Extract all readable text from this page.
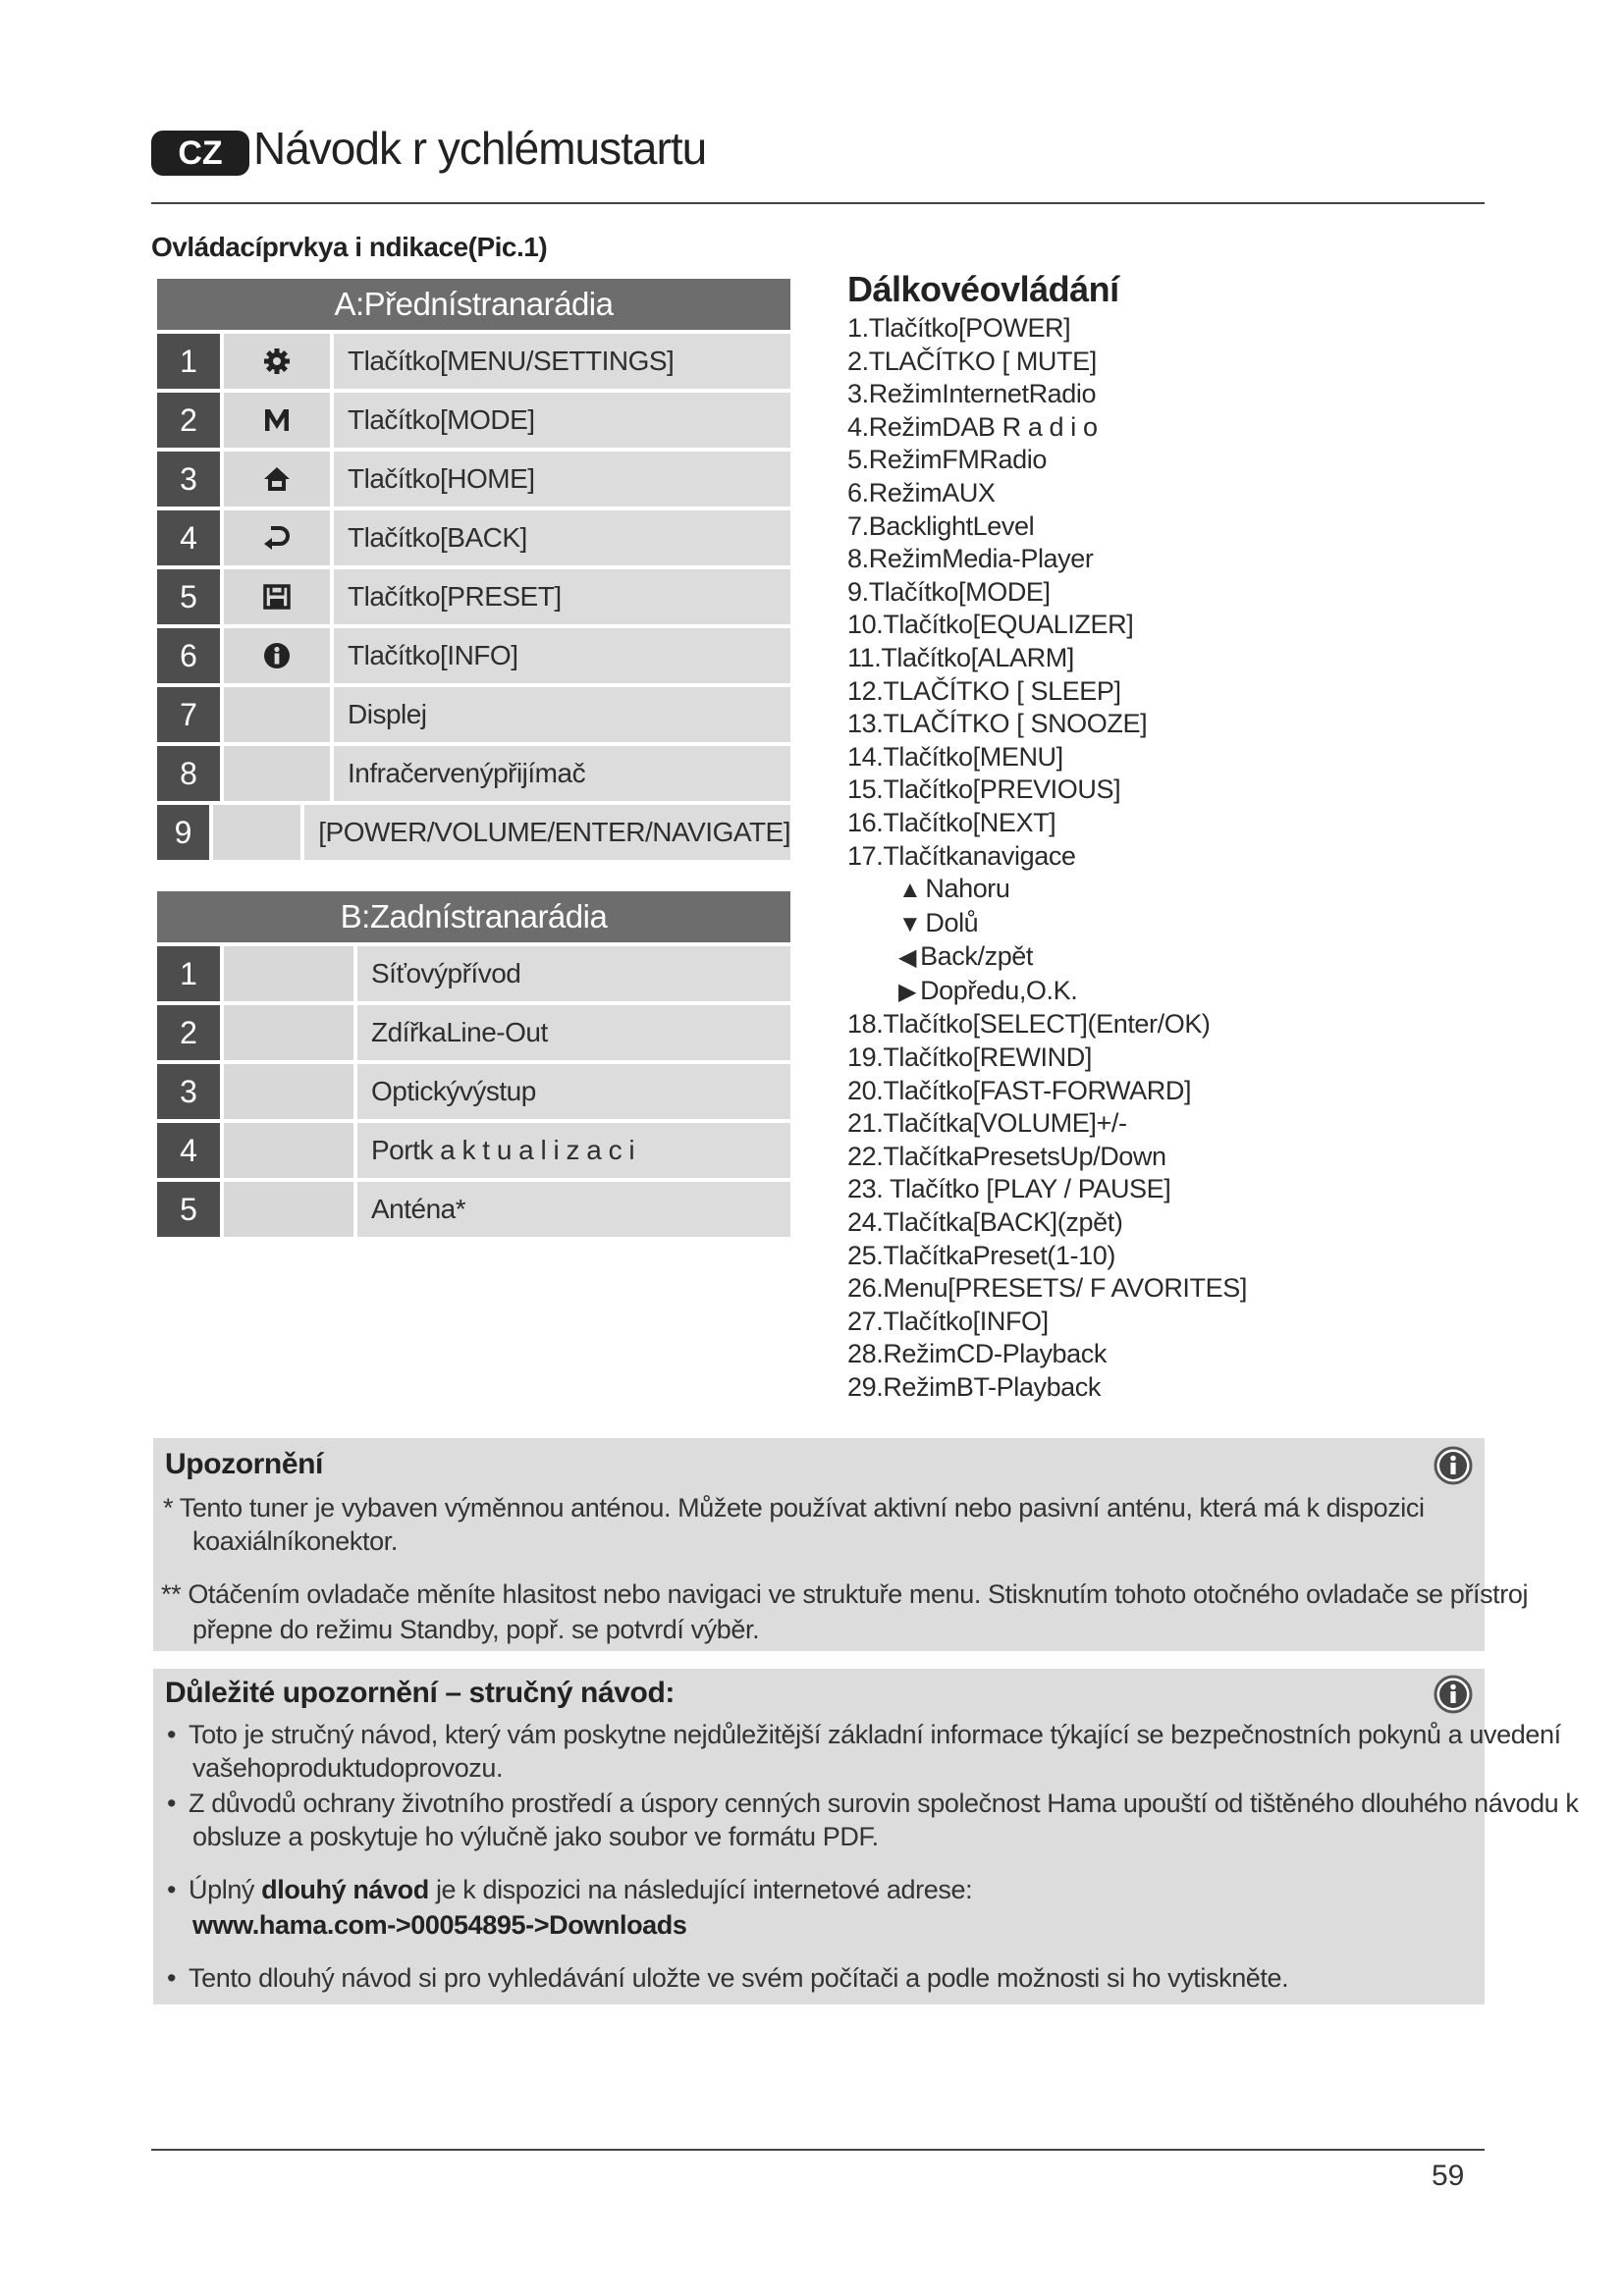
CZ Návodk r ychlémustartu
Ovládacíprvkya i ndikace(Pic.1)
A:Přednístranarádia
1	Tlačítko[MENU/SETTINGS]
2	Tlačítko[MODE]
3	Tlačítko[HOME]
4	Tlačítko[BACK]
5	Tlačítko[PRESET]
6	Tlačítko[INFO]
7	Displej
8	Infračervenýpřijímač
9	[POWER/VOLUME/ENTER/NAVIGATE]
B:Zadnístranarádia
1	Síťovýpřívod
2	ZdířkaLine-Out
3	Optickývýstup
4	Portk a k t u a l i z a c i
5	Anténa*
Dálkovéovládání
1.Tlačítko[POWER]
2.TLAČÍTKO [ MUTE]
3.RežimInternetRadio
4.RežimDAB R a d i o
5.RežimFMRadio
6.RežimAUX
7.BacklightLevel
8.RežimMedia-Player
9.Tlačítko[MODE]
10.Tlačítko[EQUALIZER]
11.Tlačítko[ALARM]
12.TLAČÍTKO [ SLEEP]
13.TLAČÍTKO [ SNOOZE]
14.Tlačítko[MENU]
15.Tlačítko[PREVIOUS]
16.Tlačítko[NEXT]
17.Tlačítkanavigace
▲ Nahoru
▼ Dolů
◀ Back/zpět
▶ Dopředu,O.K.
18.Tlačítko[SELECT](Enter/OK)
19.Tlačítko[REWIND]
20.Tlačítko[FAST-FORWARD]
21.Tlačítka[VOLUME]+/-
22.TlačítkaPresetsUp/Down
23. Tlačítko [PLAY / PAUSE]
24.Tlačítka[BACK](zpět)
25.TlačítkaPreset(1-10)
26.Menu[PRESETS/ F AVORITES]
27.Tlačítko[INFO]
28.RežimCD-Playback
29.RežimBT-Playback
Upozornění
* Tento tuner je vybaven výměnnou anténou. Můžete používat aktivní nebo pasivní anténu, která má k dispozici
koaxiálníkonektor.
** Otáčením ovladače měníte hlasitost nebo navigaci ve struktuře menu. Stisknutím tohoto otočného ovladače se přístroj
přepne do režimu Standby, popř. se potvrdí výběr.
Důležité upozornění – stručný návod:
• Toto je stručný návod, který vám poskytne nejdůležitější základní informace týkající se bezpečnostních pokynů a uvedení
vašehoproduktudoprovozu.
• Z důvodů ochrany životního prostředí a úspory cenných surovin společnost Hama upouští od tištěného dlouhého návodu k
obsluze a poskytuje ho výlučně jako soubor ve formátu PDF.
• Úplný dlouhý návod je k dispozici na následující internetové adrese:
www.hama.com->00054895->Downloads
• Tento dlouhý návod si pro vyhledávání uložte ve svém počítači a podle možnosti si ho vytiskněte.
59
